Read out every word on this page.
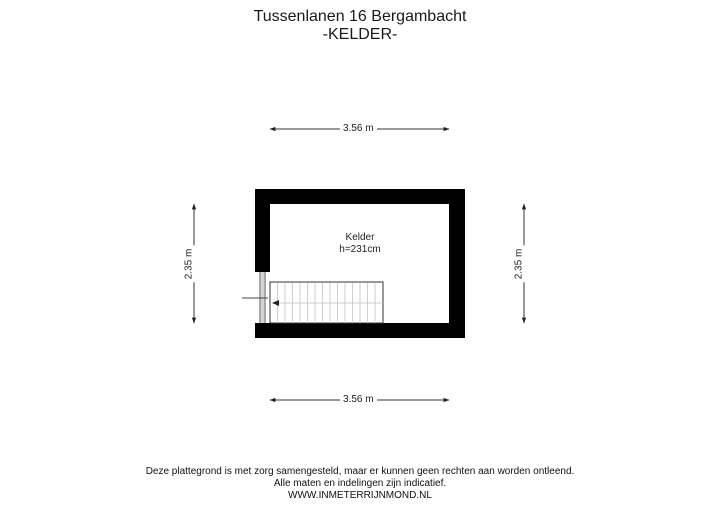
Tussenlanen 16 Bergambacht
-KELDER-
3.56 m
3.56 m
2.35 m	2.35 m
Kelder
h=231cm
Deze plattegrond is met zorg samengesteld, maar er kunnen geen rechten aan worden ontleend.
Alle maten en indelingen zijn indicatief.
WWW.INMETERRIJNMOND.NL
